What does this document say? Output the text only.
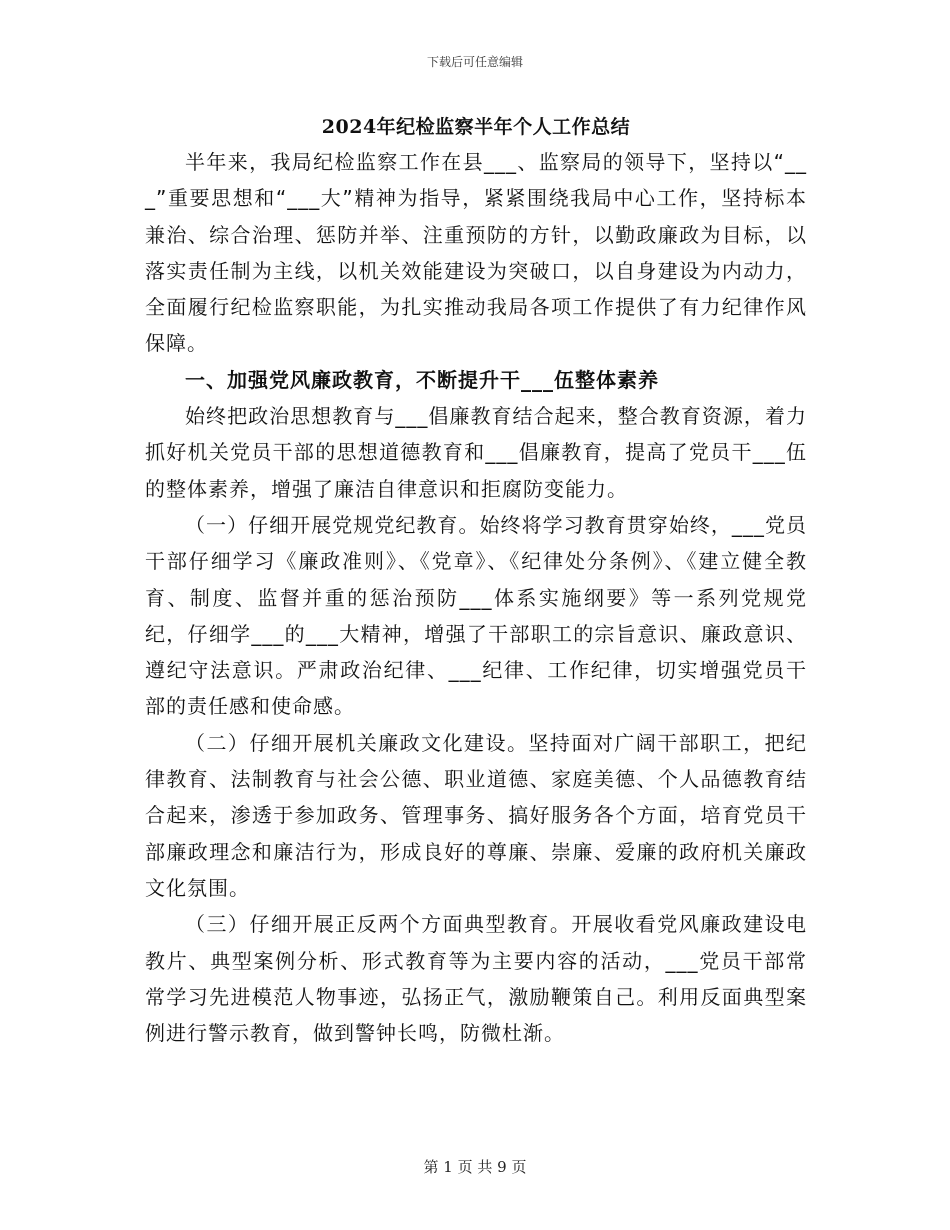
下载后可任意编辑
2024年纪检监察半年个人工作总结

半年来，我局纪检监察工作在县___、监察局的领导下，坚持以“___”重要思想和“___大”精神为指导，紧紧围绕我局中心工作，坚持标本兼治、综合治理、惩防并举、注重预防的方针，以勤政廉政为目标，以落实责任制为主线，以机关效能建设为突破口，以自身建设为内动力，全面履行纪检监察职能，为扎实推动我局各项工作提供了有力纪律作风保障。

一、加强党风廉政教育，不断提升干___伍整体素养

始终把政治思想教育与___倡廉教育结合起来，整合教育资源，着力抓好机关党员干部的思想道德教育和___倡廉教育，提高了党员干___伍的整体素养，增强了廉洁自律意识和拒腐防变能力。

（一）仔细开展党规党纪教育。始终将学习教育贯穿始终，___党员干部仔细学习《廉政准则》、《党章》、《纪律处分条例》、《建立健全教育、制度、监督并重的惩治预防___体系实施纲要》等一系列党规党纪，仔细学___的___大精神，增强了干部职工的宗旨意识、廉政意识、遵纪守法意识。严肃政治纪律、___纪律、工作纪律，切实增强党员干部的责任感和使命感。

（二）仔细开展机关廉政文化建设。坚持面对广阔干部职工，把纪律教育、法制教育与社会公德、职业道德、家庭美德、个人品德教育结合起来，渗透于参加政务、管理事务、搞好服务各个方面，培育党员干部廉政理念和廉洁行为，形成良好的尊廉、崇廉、爱廉的政府机关廉政文化氛围。

（三）仔细开展正反两个方面典型教育。开展收看党风廉政建设电教片、典型案例分析、形式教育等为主要内容的活动，___党员干部常常学习先进模范人物事迹，弘扬正气，激励鞭策自己。利用反面典型案例进行警示教育，做到警钟长鸣，防微杜渐。

第 1 页 共 9 页
